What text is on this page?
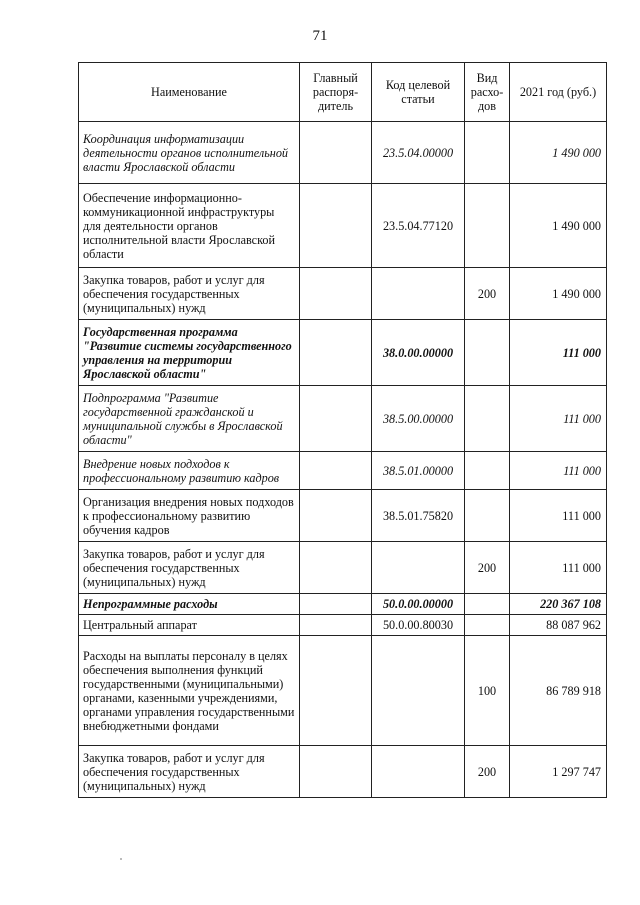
71
Наименование	Главный распоря-дитель	Код целевой статьи	Вид расхо-дов	2021 год (руб.)
Координация информатизации деятельности органов исполнительной власти Ярославской области		23.5.04.00000		1 490 000
Обеспечение информационно-коммуникационной инфраструктуры для деятельности органов исполнительной власти Ярославской области		23.5.04.77120		1 490 000
Закупка товаров, работ и услуг для обеспечения государственных (муниципальных) нужд			200	1 490 000
Государственная программа "Развитие системы государственного управления на территории Ярославской области"		38.0.00.00000		111 000
Подпрограмма "Развитие государственной гражданской и муниципальной службы в Ярославской области"		38.5.00.00000		111 000
Внедрение новых подходов к профессиональному развитию кадров		38.5.01.00000		111 000
Организация внедрения новых подходов к профессиональному развитию обучения кадров		38.5.01.75820		111 000
Закупка товаров, работ и услуг для обеспечения государственных (муниципальных) нужд			200	111 000
Непрограммные расходы		50.0.00.00000		220 367 108
Центральный аппарат		50.0.00.80030		88 087 962
Расходы на выплаты персоналу в целях обеспечения выполнения функций государственными (муниципальными) органами, казенными учреждениями, органами управления государственными внебюджетными фондами			100	86 789 918
Закупка товаров, работ и услуг для обеспечения государственных (муниципальных) нужд			200	1 297 747
